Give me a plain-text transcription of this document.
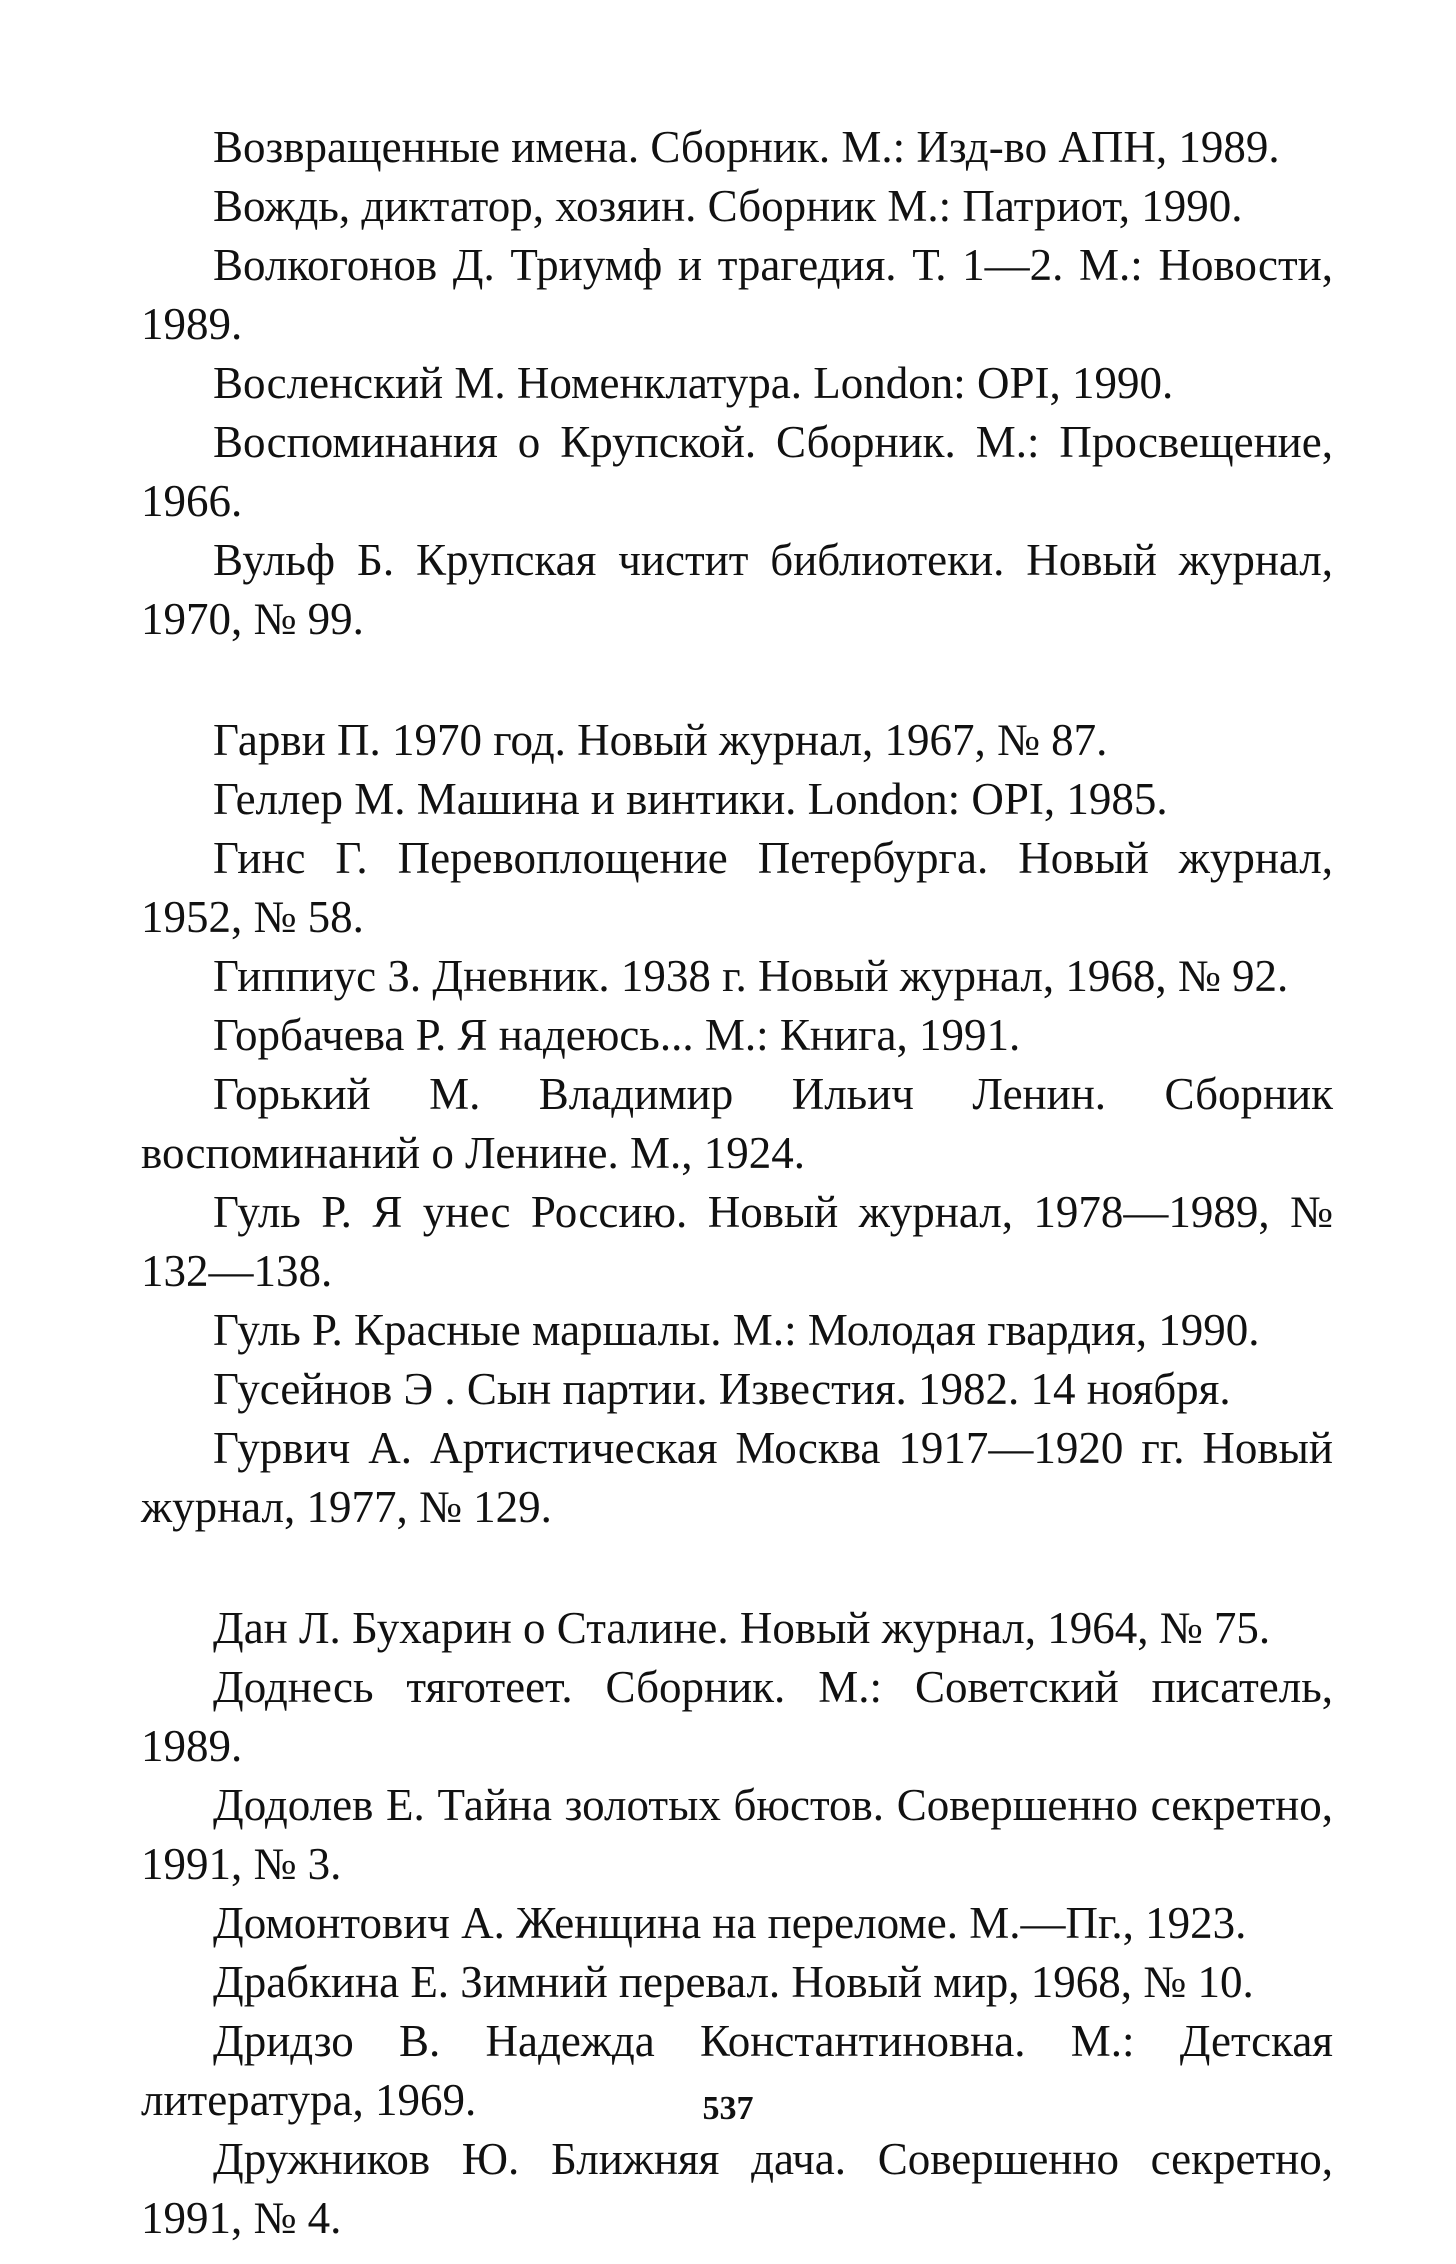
Возвращенные имена. Сборник. М.: Изд-во АПН, 1989.

Вождь, диктатор, хозяин. Сборник М.: Патриот, 1990.

Волкогонов Д. Триумф и трагедия. Т. 1—2. М.: Новости, 1989.

Восленский М. Номенклатура. London: OPI, 1990.

Воспоминания о Крупской. Сборник. М.: Просвещение, 1966.

Вульф Б. Крупская чистит библиотеки. Новый журнал, 1970, № 99.

Гарви П. 1970 год. Новый журнал, 1967, № 87.

Геллер М. Машина и винтики. London: OPI, 1985.

Гинс Г. Перевоплощение Петербурга. Новый журнал, 1952, № 58.

Гиппиус З. Дневник. 1938 г. Новый журнал, 1968, № 92.

Горбачева Р. Я надеюсь... М.: Книга, 1991.

Горький М. Владимир Ильич Ленин. Сборник воспоминаний о Ленине. М., 1924.

Гуль Р. Я унес Россию. Новый журнал, 1978—1989, № 132—138.

Гуль Р. Красные маршалы. М.: Молодая гвардия, 1990.

Гусейнов Э . Сын партии. Известия. 1982. 14 ноября.

Гурвич А. Артистическая Москва 1917—1920 гг. Новый журнал, 1977, № 129.

Дан Л. Бухарин о Сталине. Новый журнал, 1964, № 75.

Доднесь тяготеет. Сборник. М.: Советский писатель, 1989.

Додолев Е. Тайна золотых бюстов. Совершенно секретно, 1991, № 3.

Домонтович А. Женщина на переломе. М.—Пг., 1923.

Драбкина Е. Зимний перевал. Новый мир, 1968, № 10.

Дридзо В. Надежда Константиновна. М.: Детская литература, 1969.

Дружников Ю. Ближняя дача. Совершенно секретно, 1991, № 4.

537
